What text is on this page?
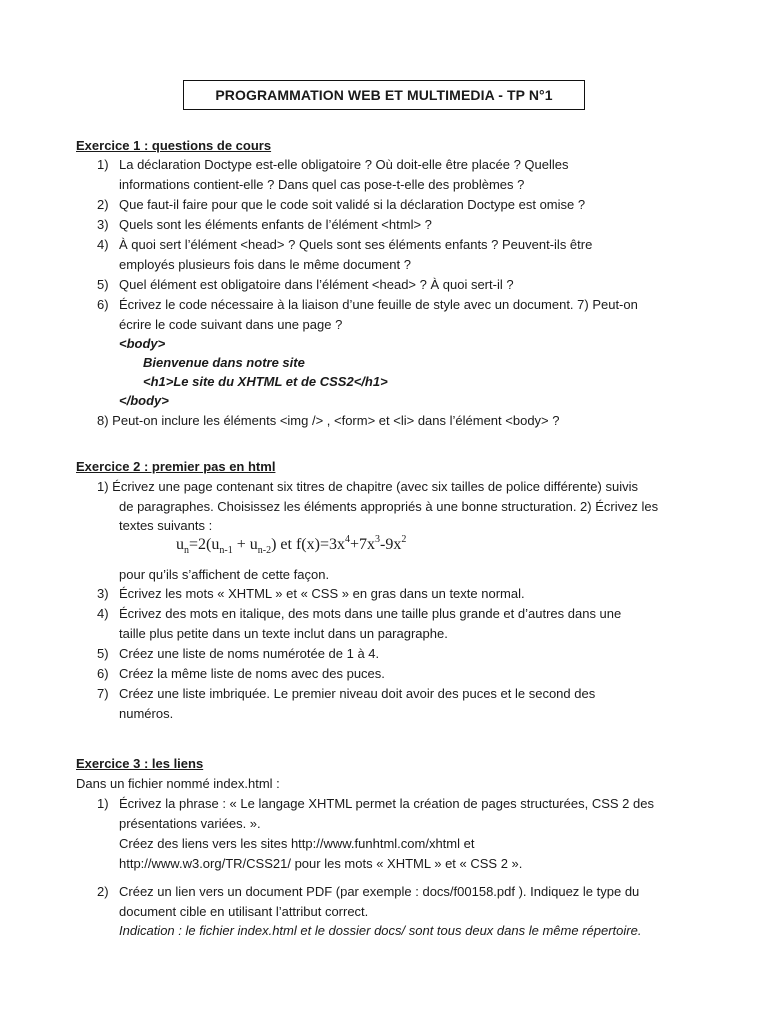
PROGRAMMATION WEB ET MULTIMEDIA - TP N°1
Exercice 1 : questions de cours
1) La déclaration Doctype est-elle obligatoire ? Où doit-elle être placée ? Quelles
informations contient-elle ? Dans quel cas pose-t-elle des problèmes ?
2) Que faut-il faire pour que le code soit validé si la déclaration Doctype est omise ?
3) Quels sont les éléments enfants de l’élément <html> ?
4) À quoi sert l’élément <head> ? Quels sont ses éléments enfants ? Peuvent-ils être
employés plusieurs fois dans le même document ?
5) Quel élément est obligatoire dans l’élément <head> ? À quoi sert-il ?
6) Écrivez le code nécessaire à la liaison d’une feuille de style avec un document. 7) Peut-on
écrire le code suivant dans une page ?
<body>
Bienvenue dans notre site
<h1>Le site du XHTML et de CSS2</h1>
</body>
8) Peut-on inclure les éléments <img /> , <form> et <li> dans l’élément <body> ?
Exercice 2 : premier pas en html
1) Écrivez une page contenant six titres de chapitre (avec six tailles de police différente) suivis
de paragraphes. Choisissez les éléments appropriés à une bonne structuration. 2) Écrivez les
textes suivants :
$u_n=2(u_{n-1} + u_{n-2})$ et $f(x)=3x^4+7x^3-9x^2$
pour qu’ils s’affichent de cette façon.
3) Écrivez les mots « XHTML » et « CSS » en gras dans un texte normal.
4) Écrivez des mots en italique, des mots dans une taille plus grande et d’autres dans une
taille plus petite dans un texte inclut dans un paragraphe.
5) Créez une liste de noms numérotée de 1 à 4.
6) Créez la même liste de noms avec des puces.
7) Créez une liste imbriquée. Le premier niveau doit avoir des puces et le second des
numéros.
Exercice 3 : les liens
Dans un fichier nommé index.html :
1) Écrivez la phrase : « Le langage XHTML permet la création de pages structurées, CSS 2 des
présentations variées. ».
Créez des liens vers les sites http://www.funhtml.com/xhtml et
http://www.w3.org/TR/CSS21/ pour les mots « XHTML » et « CSS 2 ».
2) Créez un lien vers un document PDF (par exemple : docs/f00158.pdf ). Indiquez le type du
document cible en utilisant l’attribut correct.
Indication : le fichier index.html et le dossier docs/ sont tous deux dans le même répertoire.
